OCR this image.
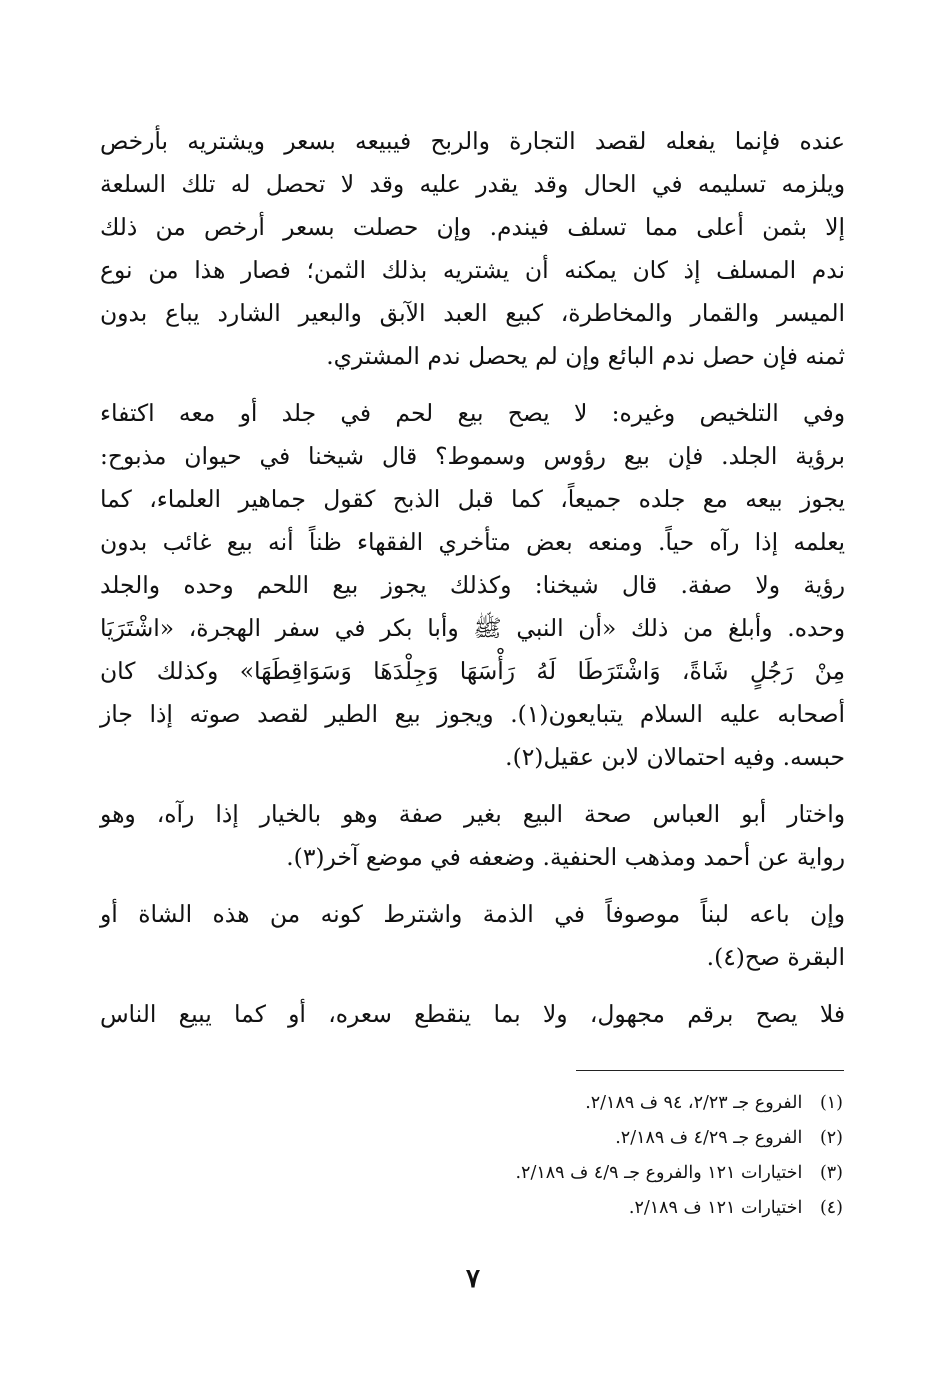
عنده فإنما يفعله لقصد التجارة والربح فيبيعه بسعر ويشتريه بأرخص
ويلزمه تسليمه في الحال وقد يقدر عليه وقد لا تحصل له تلك السلعة
إلا بثمن أعلى مما تسلف فيندم. وإن حصلت بسعر أرخص من ذلك
ندم المسلف إذ كان يمكنه أن يشتريه بذلك الثمن؛ فصار هذا من نوع
الميسر والقمار والمخاطرة، كبيع العبد الآبق والبعير الشارد يباع بدون
ثمنه فإن حصل ندم البائع وإن لم يحصل ندم المشتري.

وفي التلخيص وغيره: لا يصح بيع لحم في جلد أو معه اكتفاء
برؤية الجلد. فإن بيع رؤوس وسموط؟ قال شيخنا في حيوان مذبوح:
يجوز بيعه مع جلده جميعاً، كما قبل الذبح كقول جماهير العلماء، كما
يعلمه إذا رآه حياً. ومنعه بعض متأخري الفقهاء ظناً أنه بيع غائب بدون
رؤية ولا صفة. قال شيخنا: وكذلك يجوز بيع اللحم وحده والجلد
وحده. وأبلغ من ذلك «أن النبي ﷺ وأبا بكر في سفر الهجرة، «اشْتَرَيَا
مِنْ رَجُلٍ شَاةً، وَاشْتَرَطَا لَهُ رَأْسَهَا وَجِلْدَهَا وَسَوَاقِطَهَا» وكذلك كان
أصحابه عليه السلام يتبايعون(١). ويجوز بيع الطير لقصد صوته إذا جاز
حبسه. وفيه احتمالان لابن عقيل(٢).

واختار أبو العباس صحة البيع بغير صفة وهو بالخيار إذا رآه، وهو
رواية عن أحمد ومذهب الحنفية. وضعفه في موضع آخر(٣).

وإن باعه لبناً موصوفاً في الذمة واشترط كونه من هذه الشاة أو
البقرة صح(٤).

فلا يصح برقم مجهول، ولا بما ينقطع سعره، أو كما يبيع الناس

(١) الفروع جـ ٢/٢٣، ٩٤ ف ٢/١٨٩.
(٢) الفروع جـ ٤/٢٩ ف ٢/١٨٩.
(٣) اختيارات ١٢١ والفروع جـ ٤/٩ ف ٢/١٨٩.
(٤) اختيارات ١٢١ ف ٢/١٨٩.
٧
